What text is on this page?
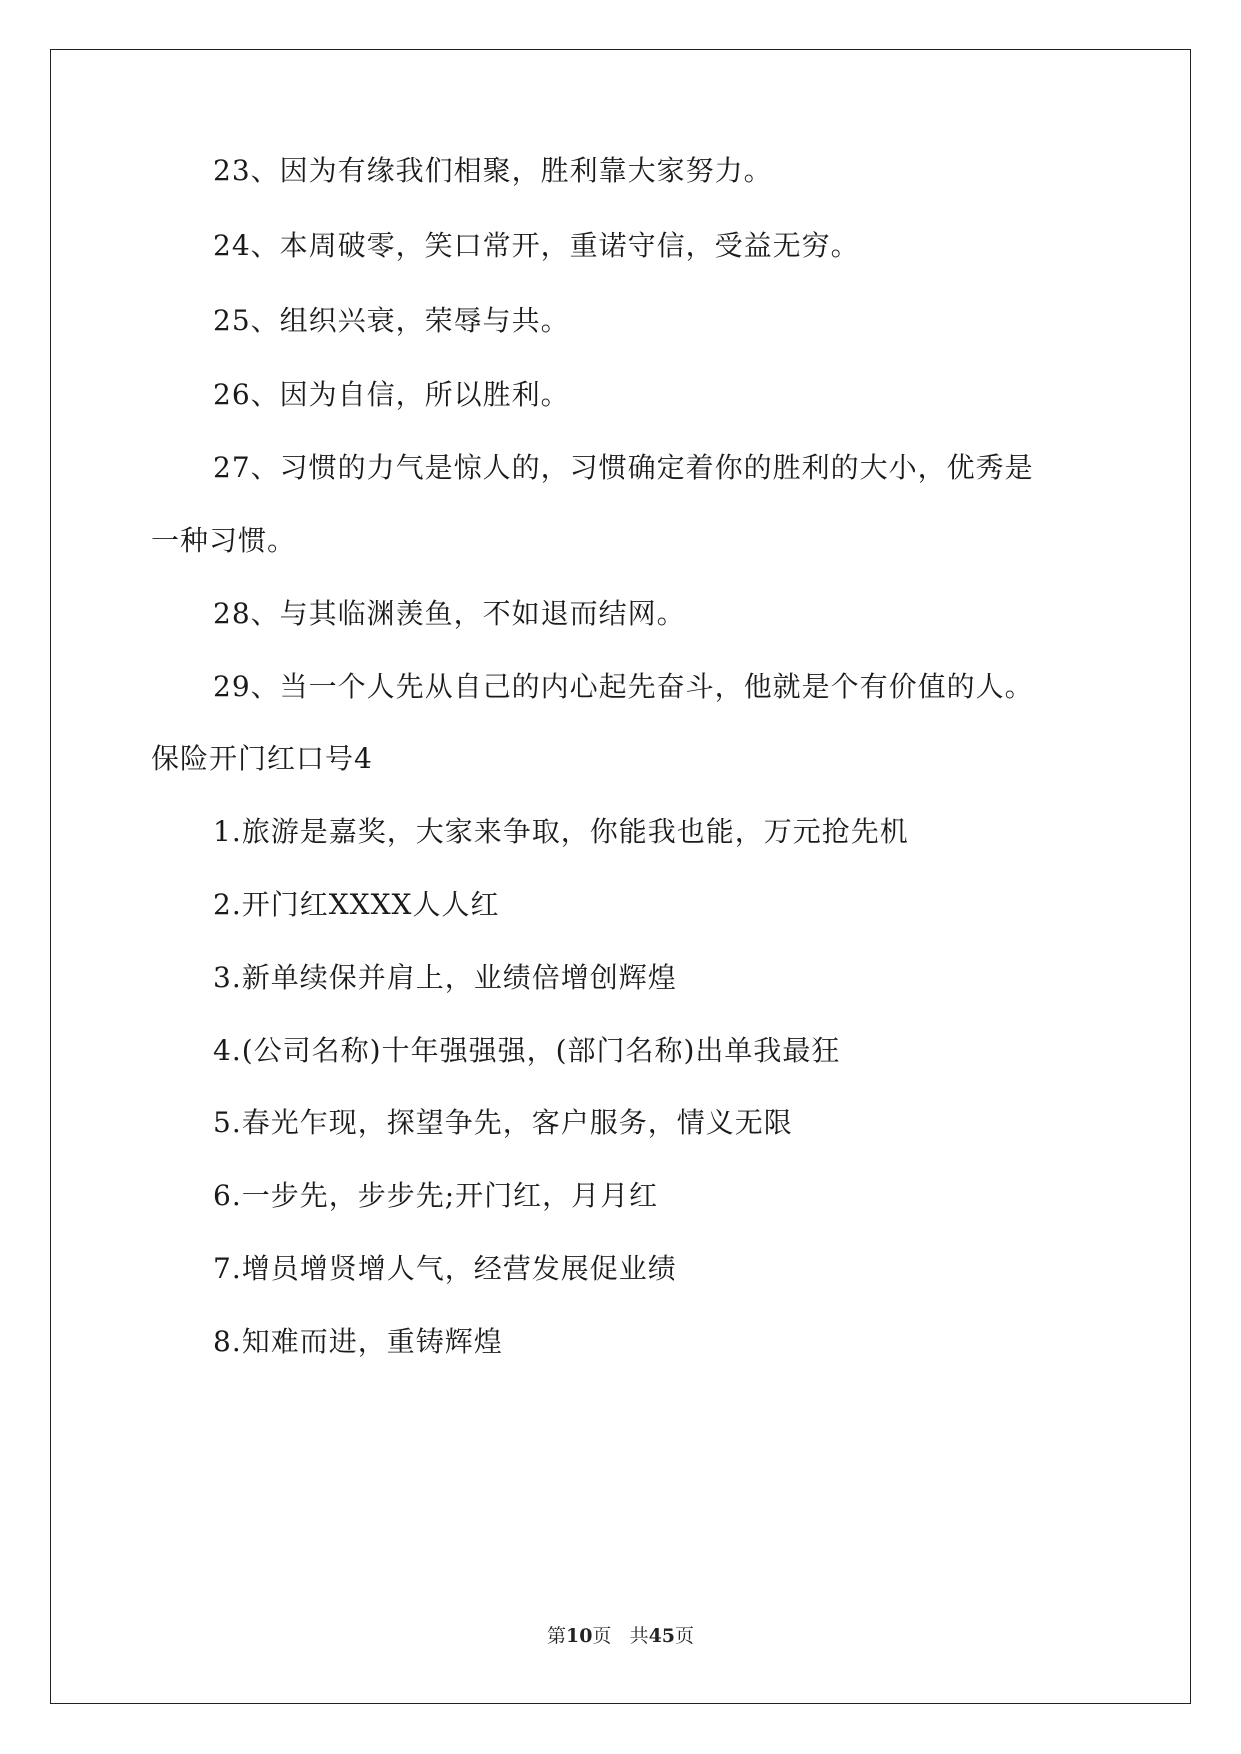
23、因为有缘我们相聚，胜利靠大家努力。
24、本周破零，笑口常开，重诺守信，受益无穷。
25、组织兴衰，荣辱与共。
26、因为自信，所以胜利。
27、习惯的力气是惊人的，习惯确定着你的胜利的大小，优秀是
一种习惯。
28、与其临渊羡鱼，不如退而结网。
29、当一个人先从自己的内心起先奋斗，他就是个有价值的人。
保险开门红口号4
1.旅游是嘉奖，大家来争取，你能我也能，万元抢先机
2.开门红XXXX人人红
3.新单续保并肩上，业绩倍增创辉煌
4.(公司名称)十年强强强，(部门名称)出单我最狂
5.春光乍现，探望争先，客户服务，情义无限
6.一步先，步步先;开门红，月月红
7.增员增贤增人气，经营发展促业绩
8.知难而进，重铸辉煌
第10页 共45页
